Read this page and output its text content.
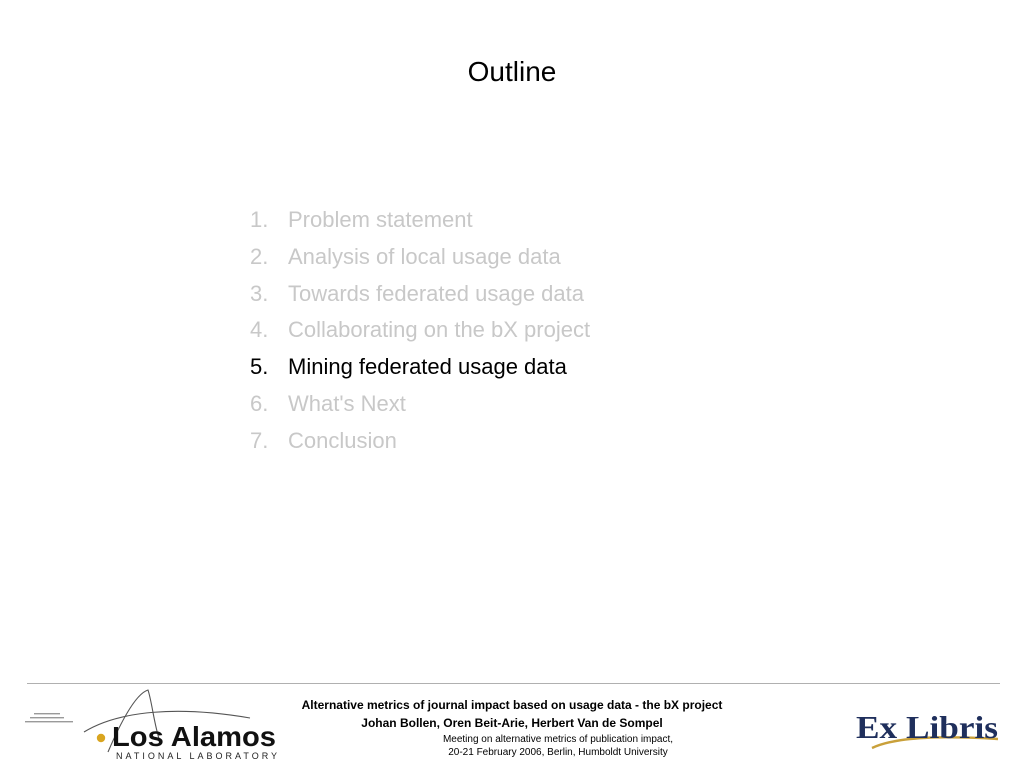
Outline
1. Problem statement
2. Analysis of local usage data
3. Towards federated usage data
4. Collaborating on the bX project
5. Mining federated usage data
6. What's Next
7. Conclusion
Los Alamos
NATIONAL LABORATORY
Alternative metrics of journal impact based on usage data - the bX project
Johan Bollen, Oren Beit-Arie, Herbert Van de Sompel
Meeting on alternative metrics of publication impact,
20-21 February 2006, Berlin, Humboldt University
Ex Libris
